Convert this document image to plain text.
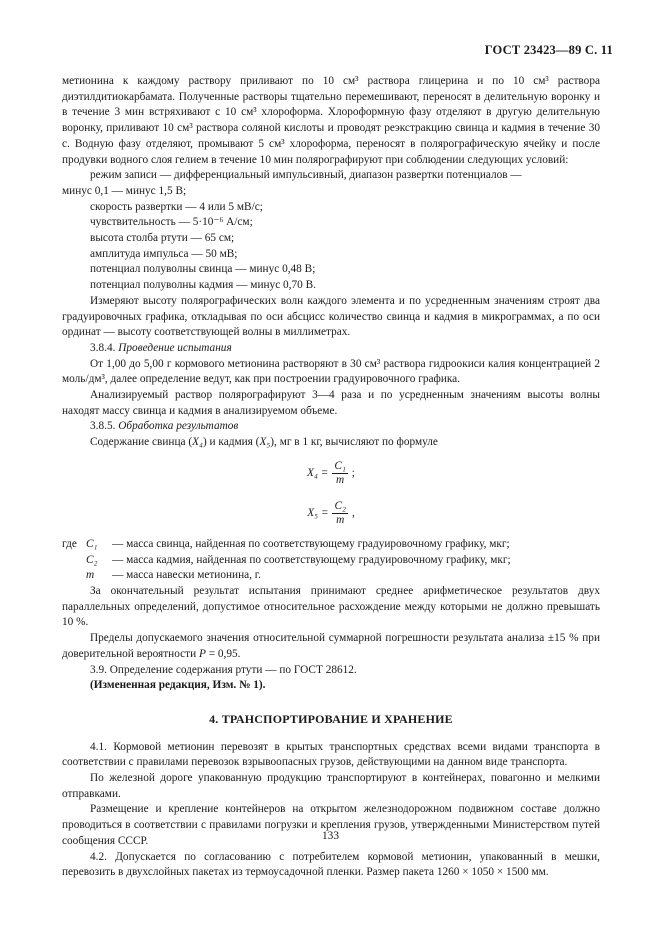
ГОСТ 23423—89 С. 11

метионина к каждому раствору приливают по 10 см³ раствора глицерина и по 10 см³ раствора диэтилдитиокарбамата. Полученные растворы тщательно перемешивают, переносят в делительную воронку и в течение 3 мин встряхивают с 10 см³ хлороформа. Хлороформную фазу отделяют в другую делительную воронку, приливают 10 см³ раствора соляной кислоты и проводят реэкстракцию свинца и кадмия в течение 30 с. Водную фазу отделяют, промывают 5 см³ хлороформа, переносят в полярографическую ячейку и после продувки водного слоя гелием в течение 10 мин полярографируют при соблюдении следующих условий:

режим записи — дифференциальный импульсивный, диапазон развертки потенциалов —

минус 0,1 — минус 1,5 В;

скорость развертки — 4 или 5 мВ/с;

чувствительность — 5·10⁻⁶ А/см;

высота столба ртути — 65 см;

амплитуда импульса — 50 мВ;

потенциал полуволны свинца — минус 0,48 В;

потенциал полуволны кадмия — минус 0,70 В.

Измеряют высоту полярографических волн каждого элемента и по усредненным значениям строят два градуировочных графика, откладывая по оси абсцисс количество свинца и кадмия в микрограммах, а по оси ординат — высоту соответствующей волны в миллиметрах.

3.8.4. Проведение испытания

От 1,00 до 5,00 г кормового метионина растворяют в 30 см³ раствора гидроокиси калия концентрацией 2 моль/дм³, далее определение ведут, как при построении градуировочного графика.

Анализируемый раствор полярографируют 3—4 раза и по усредненным значениям высоты волны находят массу свинца и кадмия в анализируемом объеме.

3.8.5. Обработка результатов

Содержание свинца (X₄) и кадмия (X₅), мг в 1 кг, вычисляют по формуле

$X_4 = \frac{\text{C₁}}{m}$ ;
$X_5 = \frac{\text{C₂}}{m}$ ,
где C₁	— масса свинца, найденная по соответствующему градуировочному графику, мкг;
C₂	— масса кадмия, найденная по соответствующему градуировочному графику, мкг;
m	— масса навески метионина, г.

За окончательный результат испытания принимают среднее арифметическое результатов двух параллельных определений, допустимое относительное расхождение между которыми не должно превышать 10 %.

Пределы допускаемого значения относительной суммарной погрешности результата анализа ±15 % при доверительной вероятности P = 0,95.

3.9. Определение содержания ртути — по ГОСТ 28612.

(Измененная редакция, Изм. № 1).

4. ТРАНСПОРТИРОВАНИЕ И ХРАНЕНИЕ

4.1. Кормовой метионин перевозят в крытых транспортных средствах всеми видами транспорта в соответствии с правилами перевозок взрывоопасных грузов, действующими на данном виде транспорта.

По железной дороге упакованную продукцию транспортируют в контейнерах, повагонно и мелкими отправками.

Размещение и крепление контейнеров на открытом железнодорожном подвижном составе должно проводиться в соответствии с правилами погрузки и крепления грузов, утвержденными Министерством путей сообщения СССР.

4.2. Допускается по согласованию с потребителем кормовой метионин, упакованный в мешки, перевозить в двухслойных пакетах из термоусадочной пленки. Размер пакета 1260 × 1050 × 1500 мм.

133
